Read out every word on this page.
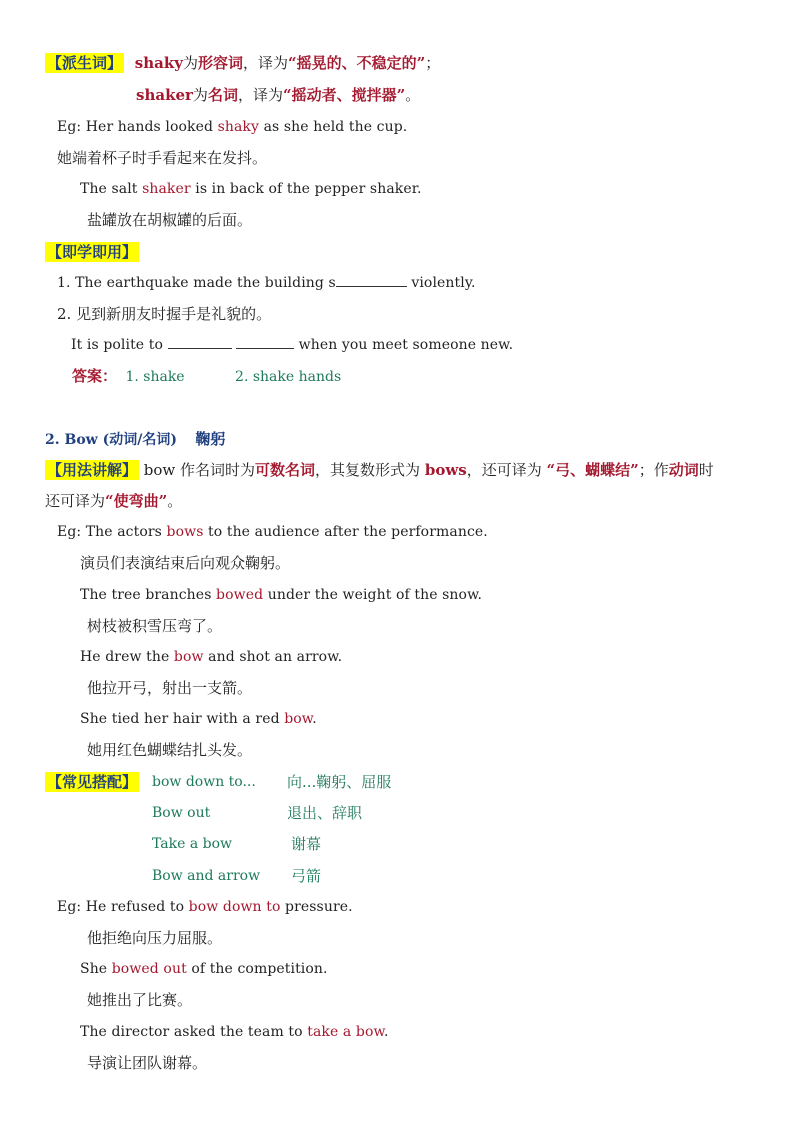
【派生词】 shaky为形容词，译为“摇晃的、不稳定的”；
shaker为名词，译为“摇动者、搅拌器”。
Eg: Her hands looked shaky as she held the cup.
她端着杯子时手看起来在发抖。
The salt shaker is in back of the pepper shaker.
盐罐放在胡椒罐的后面。
【即学即用】
1. The earthquake made the building s	violently.
2. 见到新朋友时握手是礼貌的。
It is polite to	when you meet someone new.
答案： 1. shake	2. shake hands
2. Bow (动词/名词) 鞠躬
【用法讲解】 bow 作名词时为可数名词，其复数形式为 bows，还可译为 “弓、蝴蝶结”；作动词时
还可译为“使弯曲”。
Eg: The actors bows to the audience after the performance.
演员们表演结束后向观众鞠躬。
The tree branches bowed under the weight of the snow.
树枝被积雪压弯了。
He drew the bow and shot an arrow.
他拉开弓，射出一支箭。
She tied her hair with a red bow.
她用红色蝴蝶结扎头发。
【常见搭配】 bow down to... 向...鞠躬、屈服
Bow out	退出、辞职
Take a bow	谢幕
Bow and arrow 弓箭
Eg: He refused to bow down to pressure.
他拒绝向压力屈服。
She bowed out of the competition.
她推出了比赛。
The director asked the team to take a bow.
导演让团队谢幕。
